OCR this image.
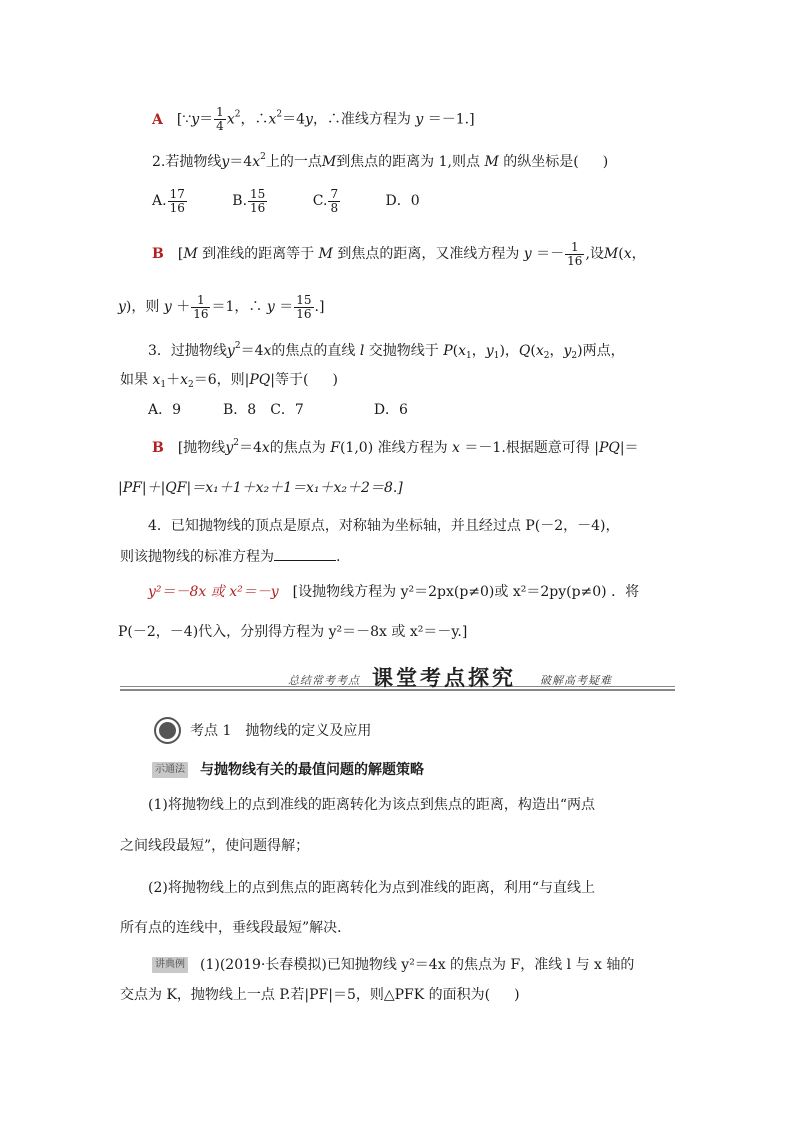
A [∵y＝ $\frac{1}{4} x^2$，$\therefore x^2=4y$，∴准线方程为 y ＝－1.]
2.若抛物线$y=4x^2$上的一点M到焦点的距离为 1,则点 M 的纵坐标是( )
A. $\frac{17}{16}$	B. $\frac{15}{16}$	C. $\frac{7}{8}$	D．0
B [M 到准线的距离等于 M 到焦点的距离，又准线方程为 $y =- \frac{1}{16}$ ,设M(x，
y)，则 $y + \frac{1}{16} =1$，∴ $y = \frac{15}{16}$ .]
3．过抛物线$y^2=4x$的焦点的直线 l 交抛物线于 $P(x_1$，$y_1$)，$Q(x_2$，$y_2$)两点，
如果 $x_1+x_2=6$，则|PQ|等于( )
A．9　　　B．8　C．7　　　　　D．6
B [抛物线$y^2=4x$的焦点为 F(1,0) 准线方程为 x ＝－1.根据题意可得 |PQ|＝
|PF|＋|QF|＝x₁＋1＋x₂＋1＝x₁＋x₂＋2＝8.]
4．已知抛物线的顶点是原点，对称轴为坐标轴，并且经过点 P(－2，－4)，
则该抛物线的标准方程为	.
y²＝－8x 或 x²＝－y [设抛物线方程为 y²＝2px(p≠0)或 x²＝2py(p≠0) ．将
P(－2，－4)代入，分别得方程为 y²＝－8x 或 x²＝－y.]
总结常考考点 课堂考点探究 破解高考疑难
考点 1　抛物线的定义及应用
示通法 与抛物线有关的最值问题的解题策略
(1)将抛物线上的点到准线的距离转化为该点到焦点的距离，构造出“两点
之间线段最短”，使问题得解；
(2)将抛物线上的点到焦点的距离转化为点到准线的距离，利用“与直线上
所有点的连线中，垂线段最短”解决．
讲典例 (1)(2019·长春模拟)已知抛物线 y²＝4x 的焦点为 F，准线 l 与 x 轴的
交点为 K，抛物线上一点 P.若|PF|＝5，则△PFK 的面积为( )
